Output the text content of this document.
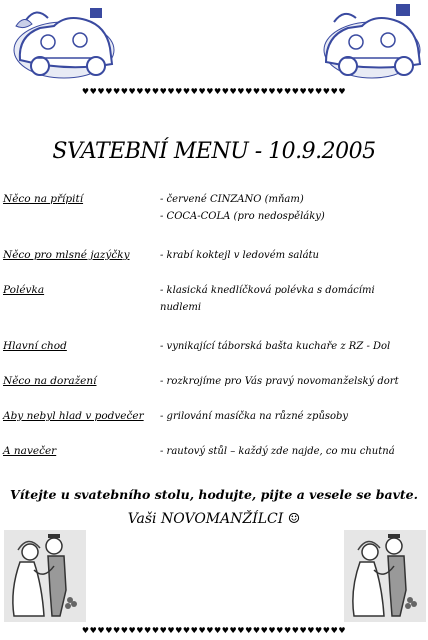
♥♥♥♥♥♥♥♥♥♥♥♥♥♥♥♥♥♥♥♥♥♥♥♥♥♥♥♥♥♥♥♥♥♥
SVATEBNÍ MENU - 10.9.2005
Něco na přípití	- červené CINZANO (mňam)
- COCA-COLA (pro nedospěláky)
Něco pro mlsné jazýčky	- krabí koktejl v ledovém salátu
Polévka	- klasická knedlíčková polévka s domácími
nudlemi
Hlavní chod	- vynikající táborská bašta kuchaře z RZ - Dol
Něco na doražení	- rozkrojíme pro Vás pravý novomanželský dort
Aby nebyl hlad v podvečer - grilování masíčka na různé způsoby
A navečer	- rautový stůl – každý zde najde, co mu chutná
Vítejte u svatebního stolu, hodujte, pijte a vesele se bavte.
Vaši NOVOMANŽÍLCI ☺
♥♥♥♥♥♥♥♥♥♥♥♥♥♥♥♥♥♥♥♥♥♥♥♥♥♥♥♥♥♥♥♥♥♥
